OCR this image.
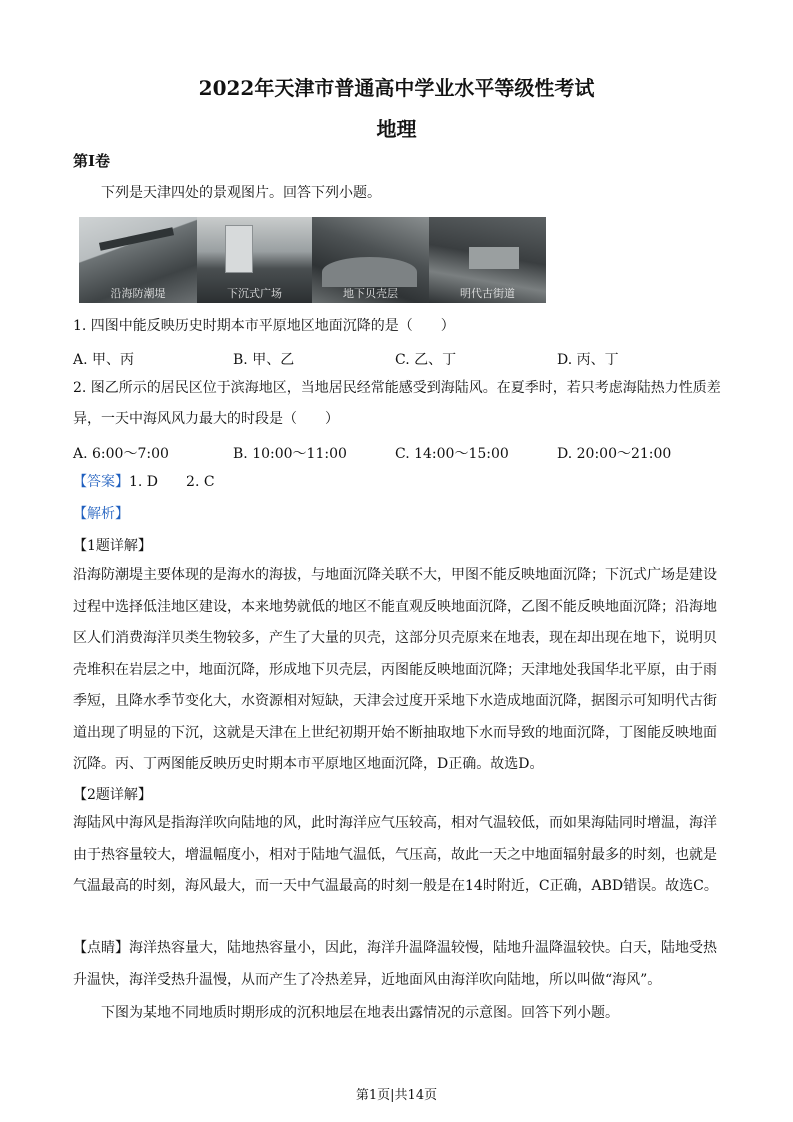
2022年天津市普通高中学业水平等级性考试
地理
第I卷
下列是天津四处的景观图片。回答下列小题。
沿海防潮堤	下沉式广场	地下贝壳层	明代古街道
1. 四图中能反映历史时期本市平原地区地面沉降的是（　　）
A. 甲、丙	B. 甲、乙	C. 乙、丁	D. 丙、丁
2. 图乙所示的居民区位于滨海地区，当地居民经常能感受到海陆风。在夏季时，若只考虑海陆热力性质差
异，一天中海风风力最大的时段是（　　）
A. 6:00～7:00	B. 10:00～11:00	C. 14:00～15:00	D. 20:00～21:00
【答案】1. D　　2. C
【解析】
【1题详解】
沿海防潮堤主要体现的是海水的海拔，与地面沉降关联不大，甲图不能反映地面沉降；下沉式广场是建设过程中选择低洼地区建设，本来地势就低的地区不能直观反映地面沉降，乙图不能反映地面沉降；沿海地区人们消费海洋贝类生物较多，产生了大量的贝壳，这部分贝壳原来在地表，现在却出现在地下，说明贝壳堆积在岩层之中，地面沉降，形成地下贝壳层，丙图能反映地面沉降；天津地处我国华北平原，由于雨季短，且降水季节变化大，水资源相对短缺，天津会过度开采地下水造成地面沉降，据图示可知明代古街道出现了明显的下沉，这就是天津在上世纪初期开始不断抽取地下水而导致的地面沉降，丁图能反映地面沉降。丙、丁两图能反映历史时期本市平原地区地面沉降，D正确。故选D。
【2题详解】
海陆风中海风是指海洋吹向陆地的风，此时海洋应气压较高，相对气温较低，而如果海陆同时增温，海洋由于热容量较大，增温幅度小，相对于陆地气温低，气压高，故此一天之中地面辐射最多的时刻，也就是气温最高的时刻，海风最大，而一天中气温最高的时刻一般是在14时附近，C正确，ABD错误。故选C。
【点睛】海洋热容量大，陆地热容量小，因此，海洋升温降温较慢，陆地升温降温较快。白天，陆地受热升温快，海洋受热升温慢，从而产生了冷热差异，近地面风由海洋吹向陆地，所以叫做“海风”。
下图为某地不同地质时期形成的沉积地层在地表出露情况的示意图。回答下列小题。
第1页|共14页
